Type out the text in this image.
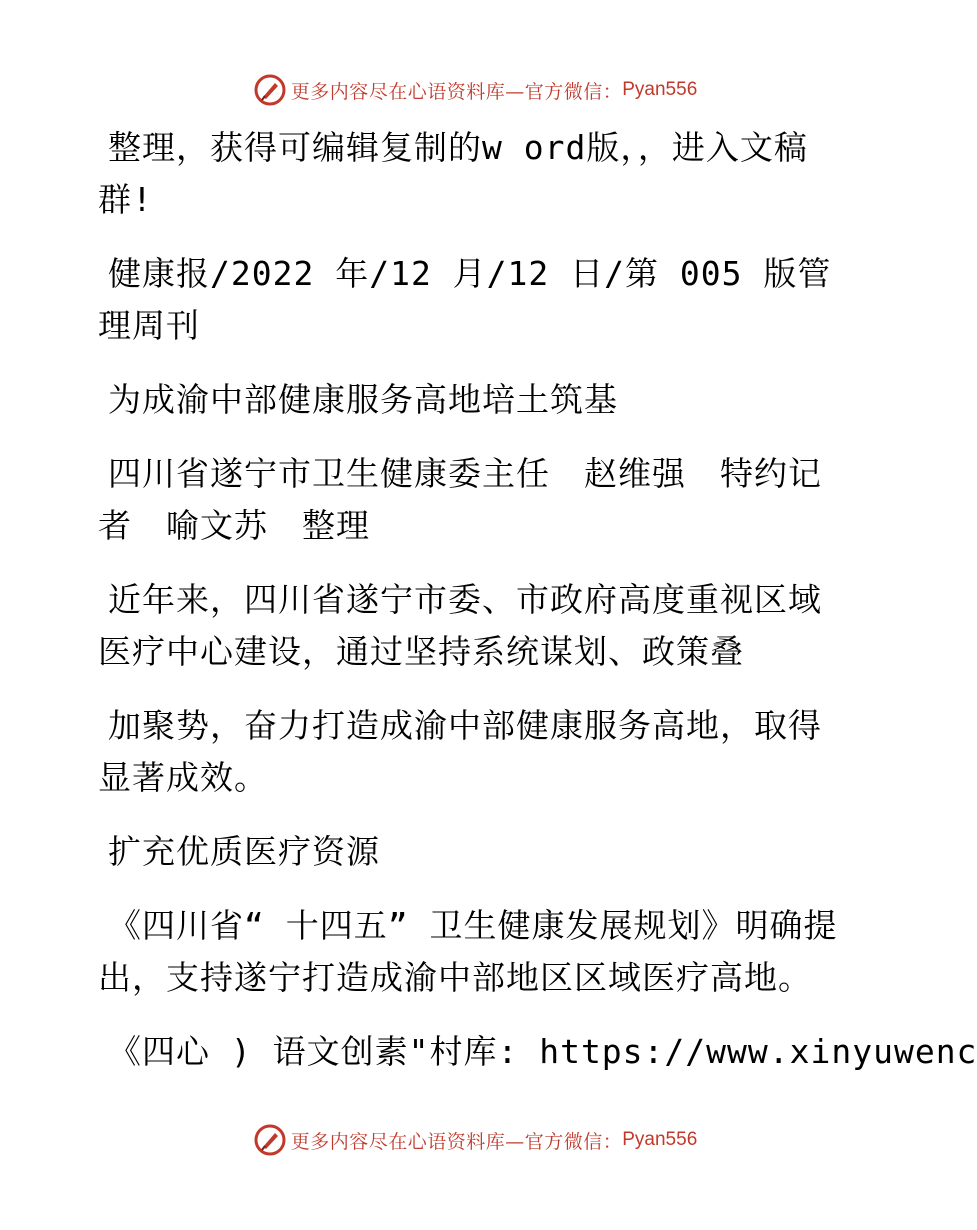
更多内容尽在心语资料库—官方微信： Pyan556

整理，获得可编辑复制的w ord版，，进入文稿群!

健康报/2022 年/12 月/12 日/第 005 版管理周刊

为成渝中部健康服务高地培土筑基

四川省遂宁市卫生健康委主任　赵维强　特约记者　喻文苏　整理

近年来，四川省遂宁市委、市政府高度重视区域医疗中心建设，通过坚持系统谋划、政策叠

加聚势，奋力打造成渝中部健康服务高地，取得显著成效。

扩充优质医疗资源

《四川省“ 十四五” 卫生健康发展规划》明确提出，支持遂宁打造成渝中部地区区域医疗高地。

《四心 ) 语文创素"村库: https://www.xinyuwenc

更多内容尽在心语资料库—官方微信： Pyan556
